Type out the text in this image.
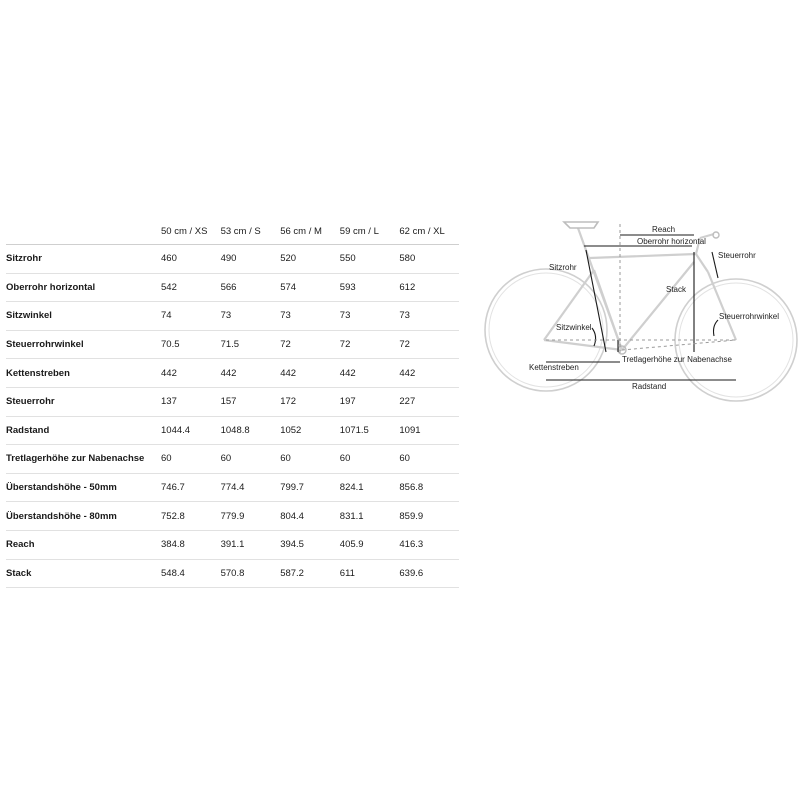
	50 cm / XS	53 cm / S	56 cm / M	59 cm / L	62 cm / XL
Sitzrohr	460	490	520	550	580
Oberrohr horizontal	542	566	574	593	612
Sitzwinkel	74	73	73	73	73
Steuerrohrwinkel	70.5	71.5	72	72	72
Kettenstreben	442	442	442	442	442
Steuerrohr	137	157	172	197	227
Radstand	1044.4	1048.8	1052	1071.5	1091
Tretlagerhöhe zur Nabenachse	60	60	60	60	60
Überstandshöhe - 50mm	746.7	774.4	799.7	824.1	856.8
Überstandshöhe - 80mm	752.8	779.9	804.4	831.1	859.9
Reach	384.8	391.1	394.5	405.9	416.3
Stack	548.4	570.8	587.2	611	639.6
Reach
Oberrohr horizontal
Steuerrohr
Sitzrohr
Stack
Sitzwinkel
Steuerrohrwinkel
Tretlagerhöhe zur Nabenachse
Kettenstreben
Radstand
